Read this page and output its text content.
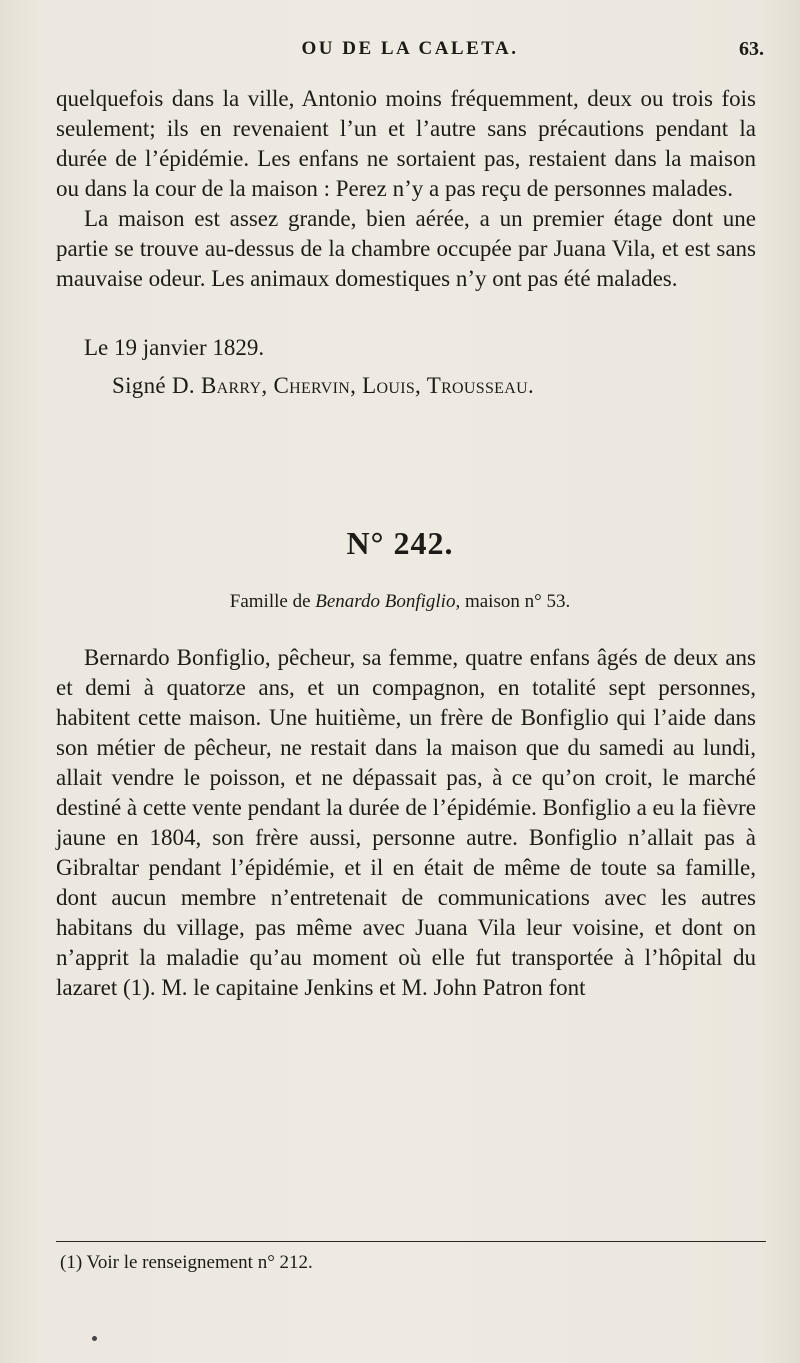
OU DE LA CALETA.	63.

quelquefois dans la ville, Antonio moins fréquemment, deux ou trois fois seulement; ils en revenaient l’un et l’autre sans précautions pendant la durée de l’épidémie. Les enfans ne sortaient pas, restaient dans la maison ou dans la cour de la maison : Perez n’y a pas reçu de personnes malades.

La maison est assez grande, bien aérée, a un premier étage dont une partie se trouve au-dessus de la chambre occupée par Juana Vila, et est sans mauvaise odeur. Les animaux domestiques n’y ont pas été malades.

Le 19 janvier 1829.
Signé D. Barry, Chervin, Louis, Trousseau.
N° 242.
Famille de Benardo Bonfiglio, maison n° 53.

Bernardo Bonfiglio, pêcheur, sa femme, quatre enfans âgés de deux ans et demi à quatorze ans, et un compagnon, en totalité sept personnes, habitent cette maison. Une huitième, un frère de Bonfiglio qui l’aide dans son métier de pêcheur, ne restait dans la maison que du samedi au lundi, allait vendre le poisson, et ne dépassait pas, à ce qu’on croit, le marché destiné à cette vente pendant la durée de l’épidémie. Bonfiglio a eu la fièvre jaune en 1804, son frère aussi, personne autre. Bonfiglio n’allait pas à Gibraltar pendant l’épidémie, et il en était de même de toute sa famille, dont aucun membre n’entretenait de communications avec les autres habitans du village, pas même avec Juana Vila leur voisine, et dont on n’apprit la maladie qu’au moment où elle fut transportée à l’hôpital du lazaret (1). M. le capitaine Jenkins et M. John Patron font

(1) Voir le renseignement n° 212.
